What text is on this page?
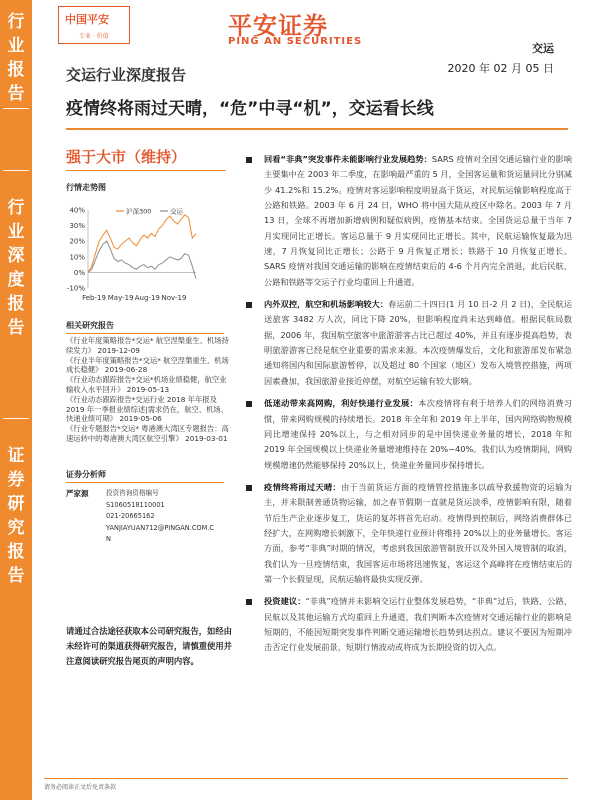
行
业
报
告
行
业
深
度
报
告
证
券
研
究
报
告
中国平安
专业 · 价值	平安证券
PING AN SECURITIES
交运
2020 年 02 月 05 日
交运行业深度报告
疫情终将雨过天晴，“危”中寻“机”，交运看长线
强于大市（维持）
行情走势图
40%
30%
20%
10%
0%
-10%
Feb-19 May-19 Aug-19 Nov-19
沪深300	交运
相关研究报告

《行业年度策略报告*交运* 航空涅槃重生、机场持续发力》 2019-12-09

《行业半年度策略报告*交运* 航空涅槃重生、机场成长稳健》 2019-06-28

《行业动态跟踪报告*交运*机场业绩稳健，航空业输收入水平回升》 2019-05-13

《行业动态跟踪报告*交运行业 2018 年年报及 2019 年一季报业绩综述|需求仍在，航空、机场、快递业绩可期》 2019-05-06

《行业专题报告*交运* 粤港澳大湾区专题报告：高速运转中的粤港澳大湾区航空引擎》 2019-03-01

证券分析师
严家源	投资咨询资格编号
S1060518110001
021-20665162
YANJIAYUAN712@PINGAN.COM.C
N
请通过合法途径获取本公司研究报告，如经由未经许可的渠道获得研究报告，请慎重使用并注意阅读研究报告尾页的声明内容。

回看“非典”突发事件未能影响行业发展趋势：SARS 疫情对全国交通运输行业的影响主要集中在 2003 年二季度，在影响最严重的 5 月，全国客运量和货运量同比分别减少 41.2%和 15.2%。疫情对客运影响程度明显高于货运，对民航运输影响程度高于公路和铁路。2003 年 6 月 24 日，WHO 将中国大陆从疫区中除名。2003 年 7 月 13 日，全球不再增加新增病例和疑似病例，疫情基本结束。全国货运总量于当年 7 月实现同比正增长。客运总量于 9 月实现同比正增长。其中，民航运输恢复最为迅速，7 月恢复同比正增长；公路于 9 月恢复正增长；铁路于 10 月恢复正增长。SARS 疫情对我国交通运输的影响在疫情结束后的 4-6 个月内完全消退，此后民航、公路和铁路等交运子行业均重回上升通道。

内外双控，航空和机场影响较大：春运前二十四日(1 月 10 日-2 月 2 日)，全民航运送旅客 3482 万人次，同比下降 20%，但影响程度尚未达到峰值。根据民航局数据，2006 年，我国航空旅客中旅游游客占比已超过 40%，并且有逐步提高趋势，表明旅游游客已经是航空业重要的需求来源。本次疫情爆发后，文化和旅游部发布紧急通知将国内和国际旅游暂停，以及超过 80 个国家（地区）发布入境管控措施，两项因素叠加，我国旅游业接近停摆，对航空运输有较大影响。

低迷动带来高网购，利好快递行业发展：本次疫情将有利于培养人们的网络消费习惯，带来网购规模的持续增长。2018 年全年和 2019 年上半年，国内网络购物规模同比增速保持 20%以上，与之相对同步的是中国快递业务量的增长，2018 年和 2019 年全国规模以上快递业务量增速维持在 20%~40%。我们认为疫情期间，网购规模增速仍然能够保持 20%以上，快递业务量同步保持增长。

疫情终将雨过天晴：由于当前货运方面的疫情管控措施多以疏导救援物资的运输为主，并未限制普通货物运输，加之春节假期一直就是货运淡季，疫情影响有限，随着节后生产企业逐步复工，货运的复苏将首先启动。疫情得到控制后，网络消费群体已经扩大，在网购增长刺激下，全年快递行业预计将维持 20%以上的业务量增长。客运方面，参考“非典”时期的情况，考虑到我国旅游管制放开以及外国入境管制的取消，我们认为一旦疫情结束，我国客运市场将迅速恢复，客运这个高峰将在疫情结束后的第一个长假显现，民航运输将最快实现反弹。

投资建议：“非典”疫情并未影响交运行业整体发展趋势，“非典”过后，铁路、公路、民航以及其他运输方式均重回上升通道，我们判断本次疫情对交通运输行业的影响是短期的，不能因短期突发事件判断交通运输增长趋势到达拐点。建议不要因为短期冲击否定行业发展前景，短期行情波动或将成为长期投资的切入点。

请务必阅读正文后免责条款
